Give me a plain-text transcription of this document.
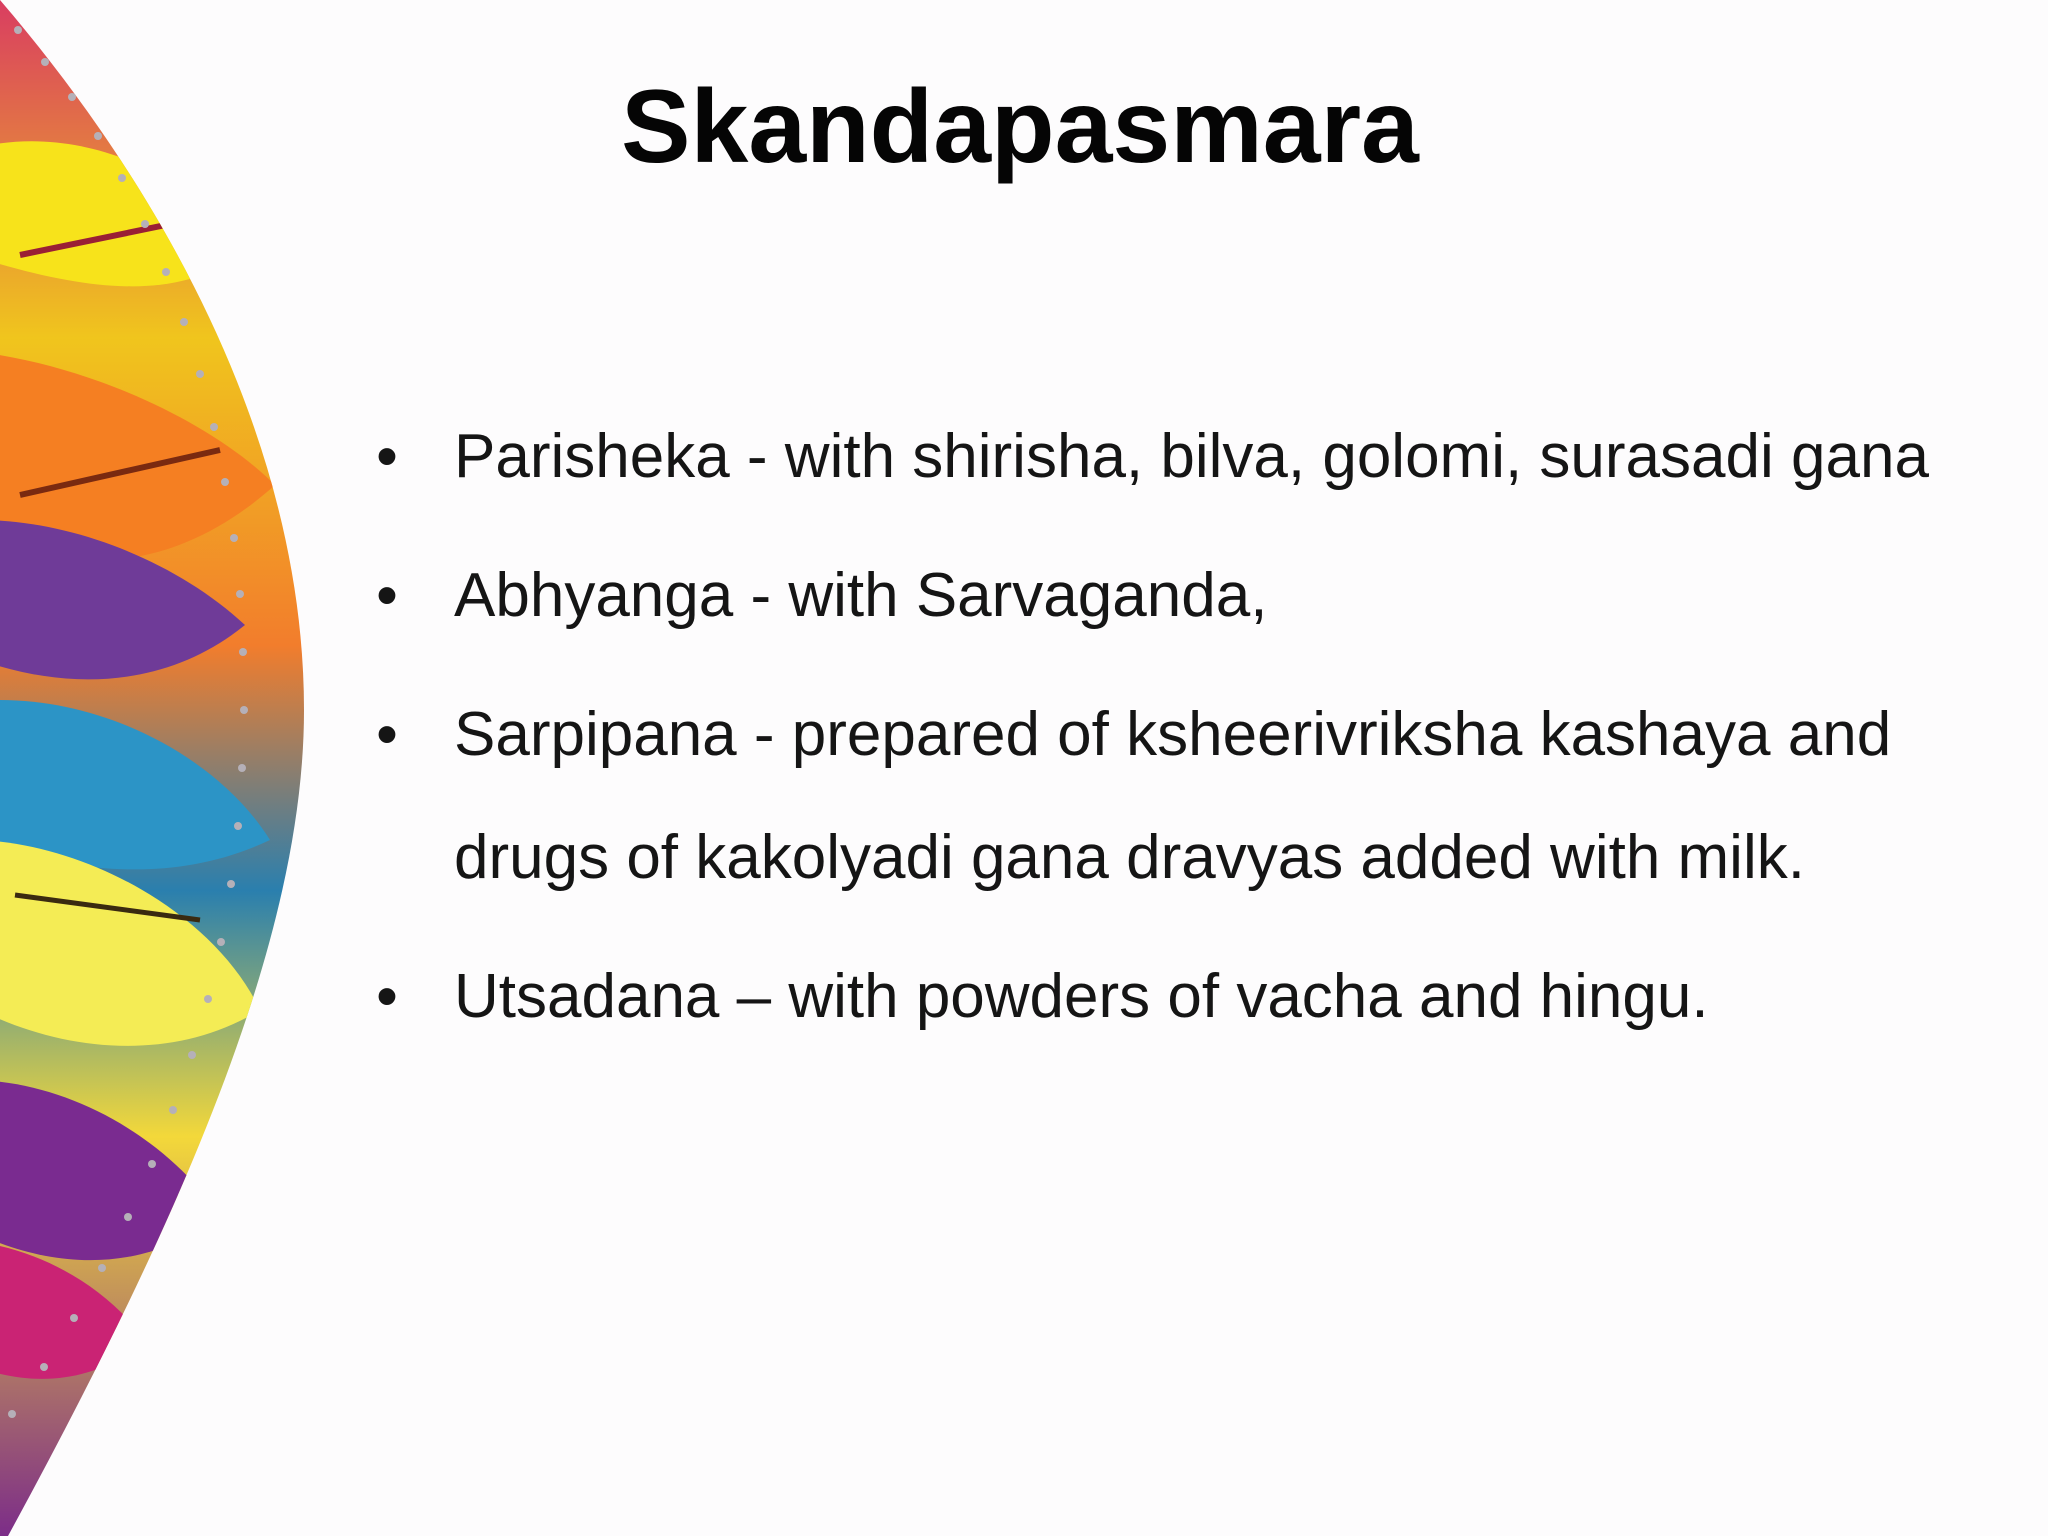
Skandapasmara
• Parisheka - with shirisha, bilva, golomi, surasadi gana
• Abhyanga - with Sarvaganda,
• Sarpipana - prepared of ksheerivriksha kashaya and drugs of kakolyadi gana dravyas added with milk.
• Utsadana – with powders of vacha and hingu.
